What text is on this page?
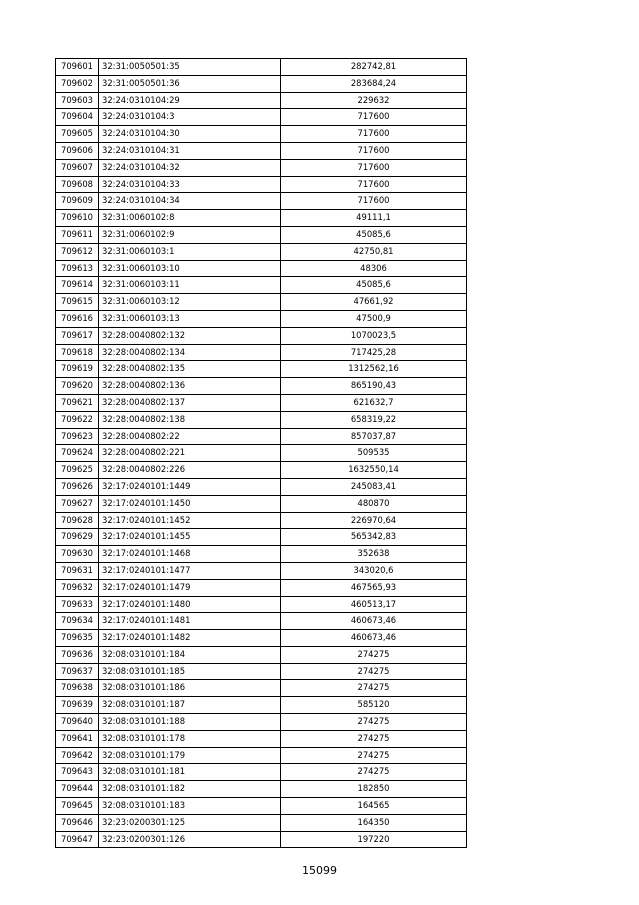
709601	32:31:0050501:35	282742,81
709602	32:31:0050501:36	283684,24
709603	32:24:0310104:29	229632
709604	32:24:0310104:3	717600
709605	32:24:0310104:30	717600
709606	32:24:0310104:31	717600
709607	32:24:0310104:32	717600
709608	32:24:0310104:33	717600
709609	32:24:0310104:34	717600
709610	32:31:0060102:8	49111,1
709611	32:31:0060102:9	45085,6
709612	32:31:0060103:1	42750,81
709613	32:31:0060103:10	48306
709614	32:31:0060103:11	45085,6
709615	32:31:0060103:12	47661,92
709616	32:31:0060103:13	47500,9
709617	32:28:0040802:132	1070023,5
709618	32:28:0040802:134	717425,28
709619	32:28:0040802:135	1312562,16
709620	32:28:0040802:136	865190,43
709621	32:28:0040802:137	621632,7
709622	32:28:0040802:138	658319,22
709623	32:28:0040802:22	857037,87
709624	32:28:0040802:221	509535
709625	32:28:0040802:226	1632550,14
709626	32:17:0240101:1449	245083,41
709627	32:17:0240101:1450	480870
709628	32:17:0240101:1452	226970,64
709629	32:17:0240101:1455	565342,83
709630	32:17:0240101:1468	352638
709631	32:17:0240101:1477	343020,6
709632	32:17:0240101:1479	467565,93
709633	32:17:0240101:1480	460513,17
709634	32:17:0240101:1481	460673,46
709635	32:17:0240101:1482	460673,46
709636	32:08:0310101:184	274275
709637	32:08:0310101:185	274275
709638	32:08:0310101:186	274275
709639	32:08:0310101:187	585120
709640	32:08:0310101:188	274275
709641	32:08:0310101:178	274275
709642	32:08:0310101:179	274275
709643	32:08:0310101:181	274275
709644	32:08:0310101:182	182850
709645	32:08:0310101:183	164565
709646	32:23:0200301:125	164350
709647	32:23:0200301:126	197220
15099
